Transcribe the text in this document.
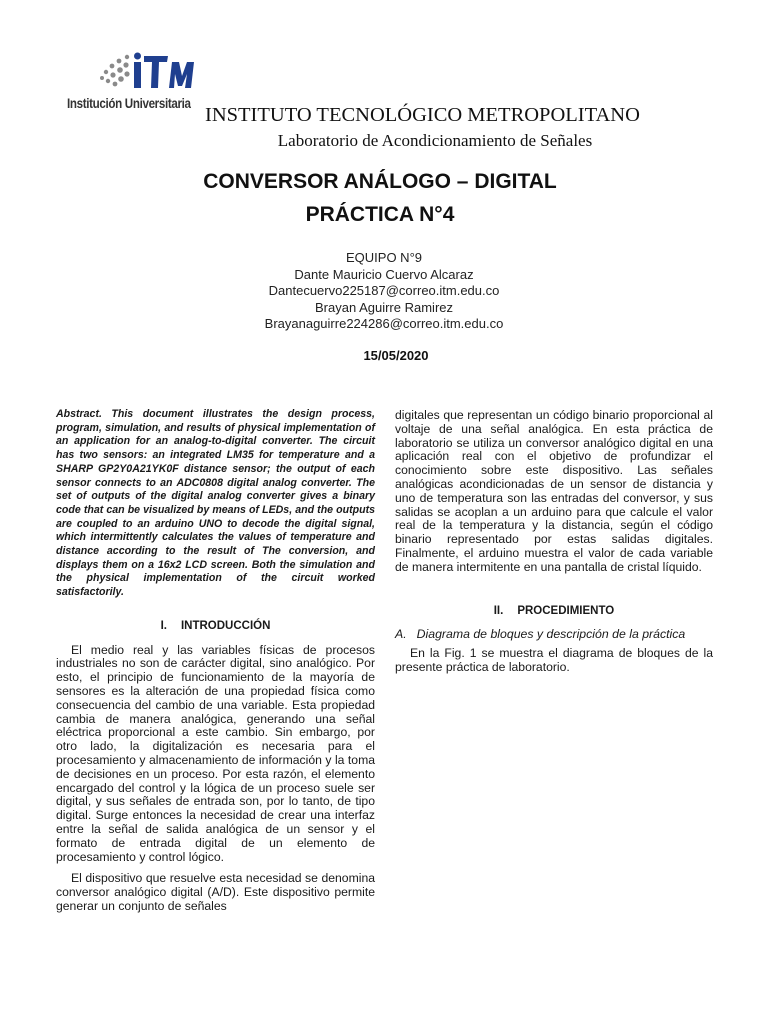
Institución Universitaria
INSTITUTO TECNOLÓGICO METROPOLITANO
Laboratorio de Acondicionamiento de Señales
CONVERSOR ANÁLOGO – DIGITAL
PRÁCTICA N°4
EQUIPO N°9
Dante Mauricio Cuervo Alcaraz
Dantecuervo225187@correo.itm.edu.co
Brayan Aguirre Ramirez
Brayanaguirre224286@correo.itm.edu.co
15/05/2020

Abstract. This document illustrates the design process, program, simulation, and results of physical implementation of an application for an analog-to-digital converter. The circuit has two sensors: an integrated LM35 for temperature and a SHARP GP2Y0A21YK0F distance sensor; the output of each sensor connects to an ADC0808 digital analog converter. The set of outputs of the digital analog converter gives a binary code that can be visualized by means of LEDs, and the outputs are coupled to an arduino UNO to decode the digital signal, which intermittently calculates the values of temperature and distance according to the result of The conversion, and displays them on a 16x2 LCD screen. Both the simulation and the physical implementation of the circuit worked satisfactorily.

I. INTRODUCCIÓN

El medio real y las variables físicas de procesos industriales no son de carácter digital, sino analógico. Por esto, el principio de funcionamiento de la mayoría de sensores es la alteración de una propiedad física como consecuencia del cambio de una variable. Esta propiedad cambia de manera analógica, generando una señal eléctrica proporcional a este cambio. Sin embargo, por otro lado, la digitalización es necesaria para el procesamiento y almacenamiento de información y la toma de decisiones en un proceso. Por esta razón, el elemento encargado del control y la lógica de un proceso suele ser digital, y sus señales de entrada son, por lo tanto, de tipo digital. Surge entonces la necesidad de crear una interfaz entre la señal de salida analógica de un sensor y el formato de entrada digital de un elemento de procesamiento y control lógico.

El dispositivo que resuelve esta necesidad se denomina conversor analógico digital (A/D). Este dispositivo permite generar un conjunto de señales

digitales que representan un código binario proporcional al voltaje de una señal analógica. En esta práctica de laboratorio se utiliza un conversor analógico digital en una aplicación real con el objetivo de profundizar el conocimiento sobre este dispositivo. Las señales analógicas acondicionadas de un sensor de distancia y uno de temperatura son las entradas del conversor, y sus salidas se acoplan a un arduino para que calcule el valor real de la temperatura y la distancia, según el código binario representado por estas salidas digitales. Finalmente, el arduino muestra el valor de cada variable de manera intermitente en una pantalla de cristal líquido.

II. PROCEDIMIENTO
A. Diagrama de bloques y descripción de la práctica

En la Fig. 1 se muestra el diagrama de bloques de la presente práctica de laboratorio.
